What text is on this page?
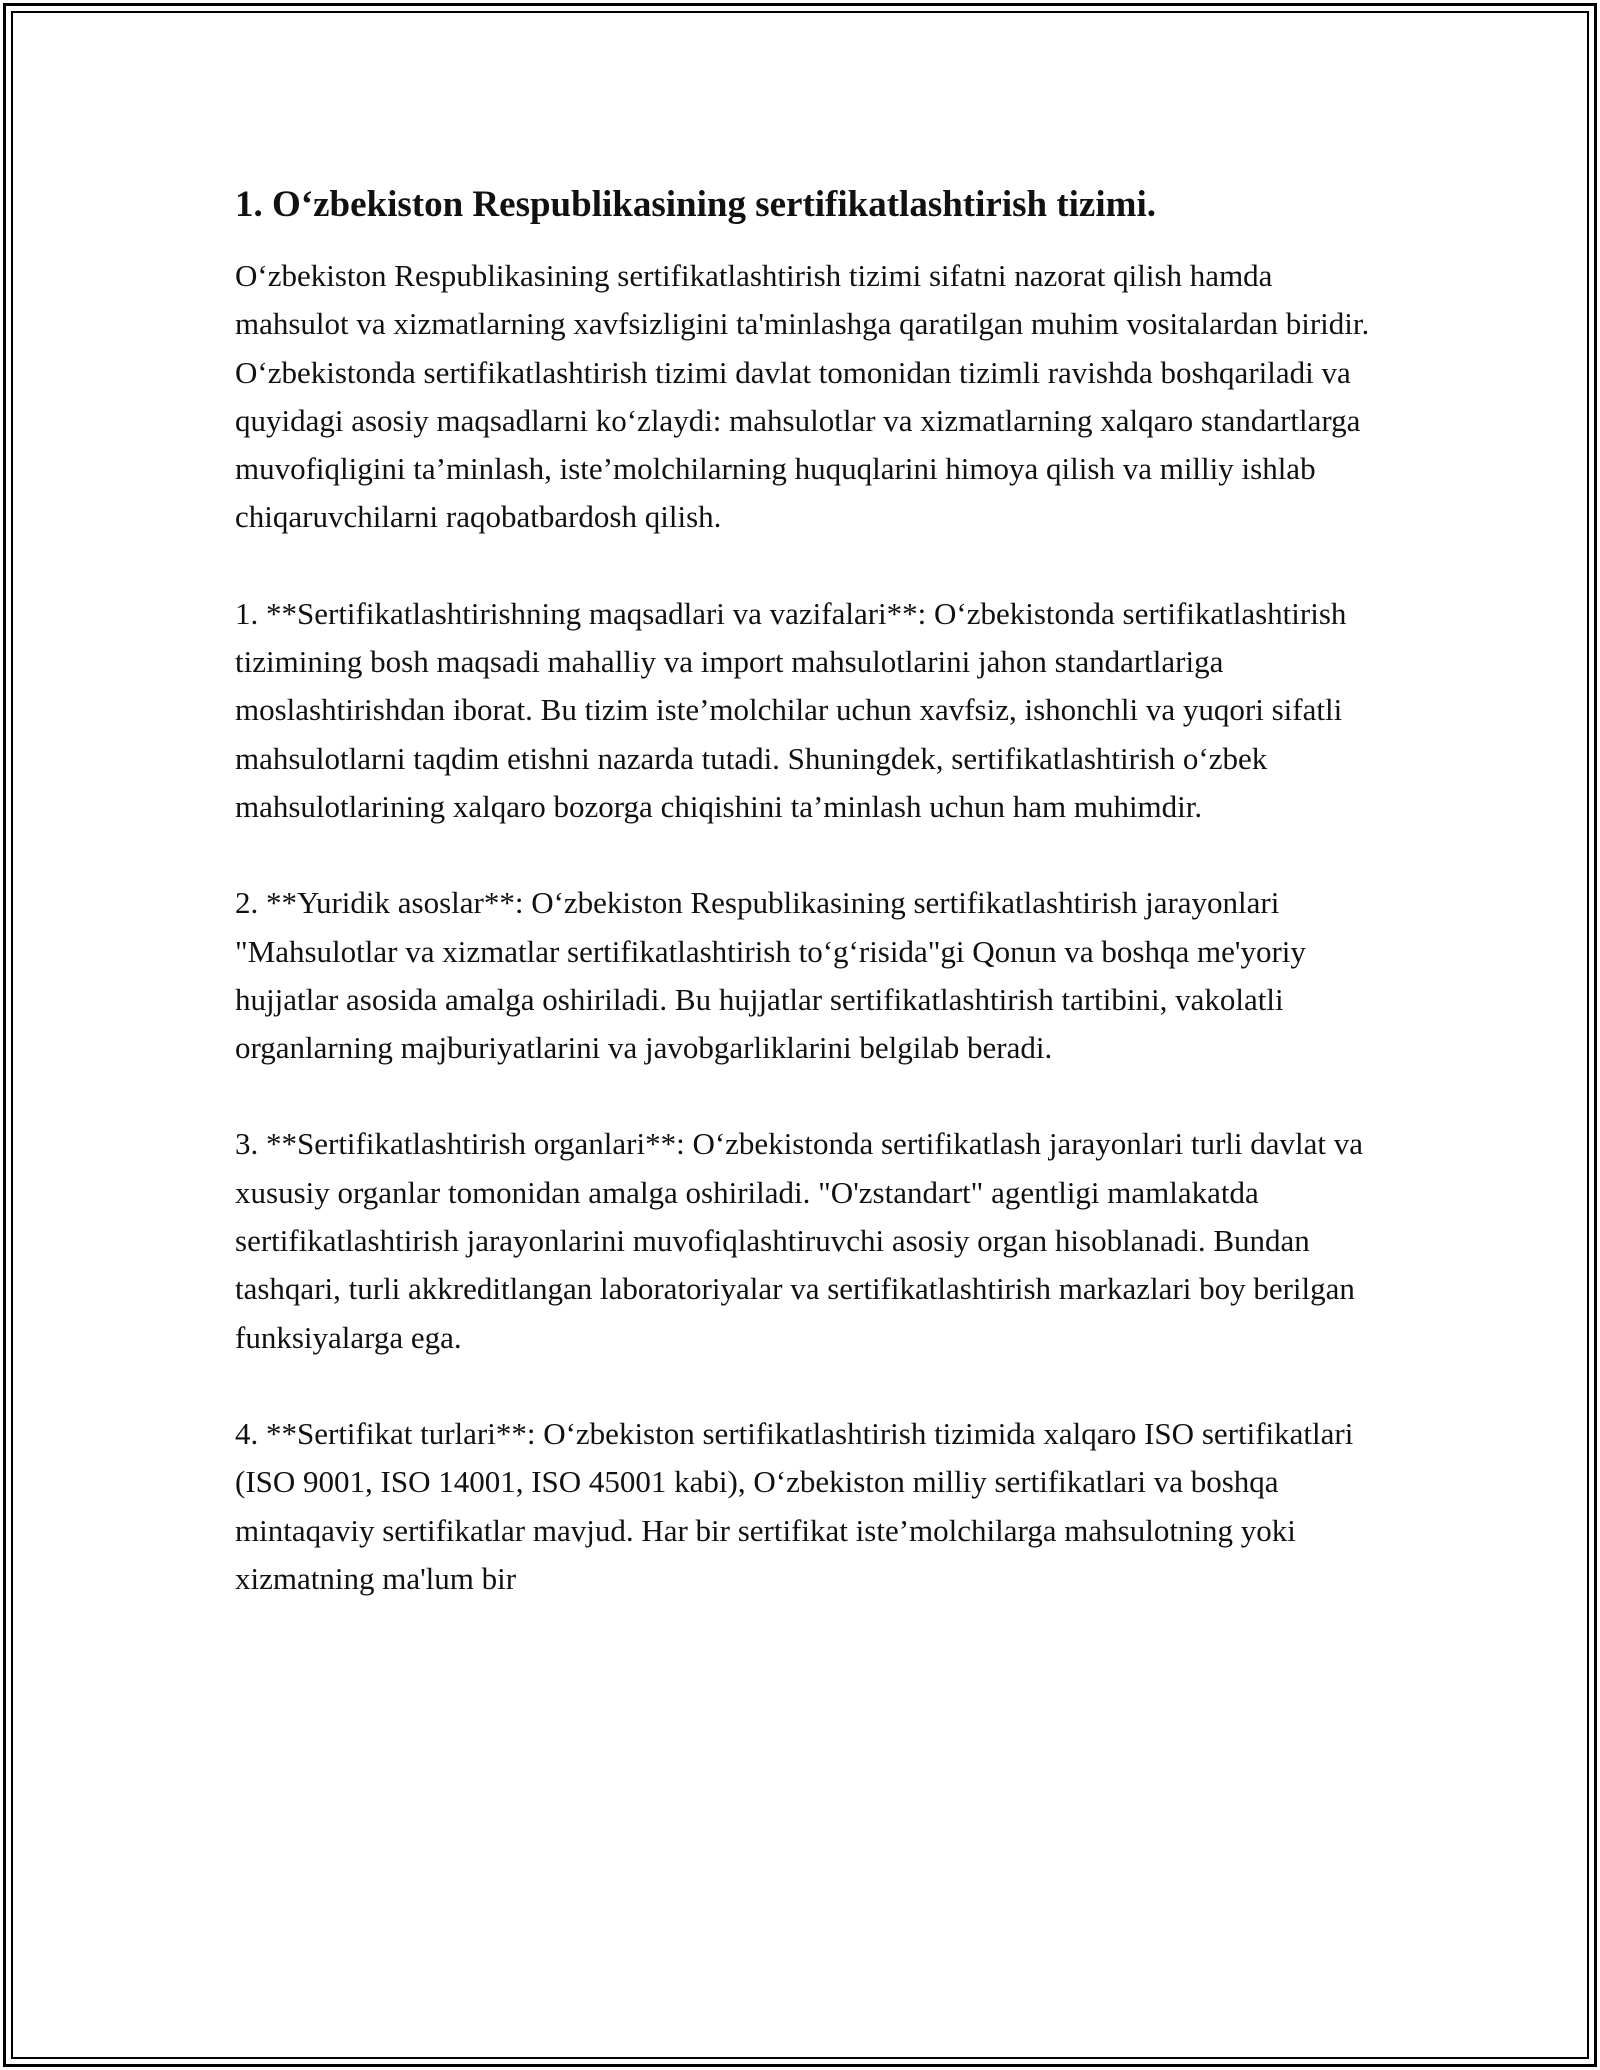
1. O‘zbekiston Respublikasining sertifikatlashtirish tizimi.

O‘zbekiston Respublikasining sertifikatlashtirish tizimi sifatni nazorat qilish hamda mahsulot va xizmatlarning xavfsizligini ta'minlashga qaratilgan muhim vositalardan biridir. O‘zbekistonda sertifikatlashtirish tizimi davlat tomonidan tizimli ravishda boshqariladi va quyidagi asosiy maqsadlarni ko‘zlaydi: mahsulotlar va xizmatlarning xalqaro standartlarga muvofiqligini ta’minlash, iste’molchilarning huquqlarini himoya qilish va milliy ishlab chiqaruvchilarni raqobatbardosh qilish.

1. **Sertifikatlashtirishning maqsadlari va vazifalari**: O‘zbekistonda sertifikatlashtirish tizimining bosh maqsadi mahalliy va import mahsulotlarini jahon standartlariga moslashtirishdan iborat. Bu tizim iste’molchilar uchun xavfsiz, ishonchli va yuqori sifatli mahsulotlarni taqdim etishni nazarda tutadi. Shuningdek, sertifikatlashtirish o‘zbek mahsulotlarining xalqaro bozorga chiqishini ta’minlash uchun ham muhimdir.

2. **Yuridik asoslar**: O‘zbekiston Respublikasining sertifikatlashtirish jarayonlari "Mahsulotlar va xizmatlar sertifikatlashtirish to‘g‘risida"gi Qonun va boshqa me'yoriy hujjatlar asosida amalga oshiriladi. Bu hujjatlar sertifikatlashtirish tartibini, vakolatli organlarning majburiyatlarini va javobgarliklarini belgilab beradi.

3. **Sertifikatlashtirish organlari**: O‘zbekistonda sertifikatlash jarayonlari turli davlat va xususiy organlar tomonidan amalga oshiriladi. "O'zstandart" agentligi mamlakatda sertifikatlashtirish jarayonlarini muvofiqlashtiruvchi asosiy organ hisoblanadi. Bundan tashqari, turli akkreditlangan laboratoriyalar va sertifikatlashtirish markazlari boy berilgan funksiyalarga ega.

4. **Sertifikat turlari**: O‘zbekiston sertifikatlashtirish tizimida xalqaro ISO sertifikatlari (ISO 9001, ISO 14001, ISO 45001 kabi), O‘zbekiston milliy sertifikatlari va boshqa mintaqaviy sertifikatlar mavjud. Har bir sertifikat iste’molchilarga mahsulotning yoki xizmatning ma'lum bir
